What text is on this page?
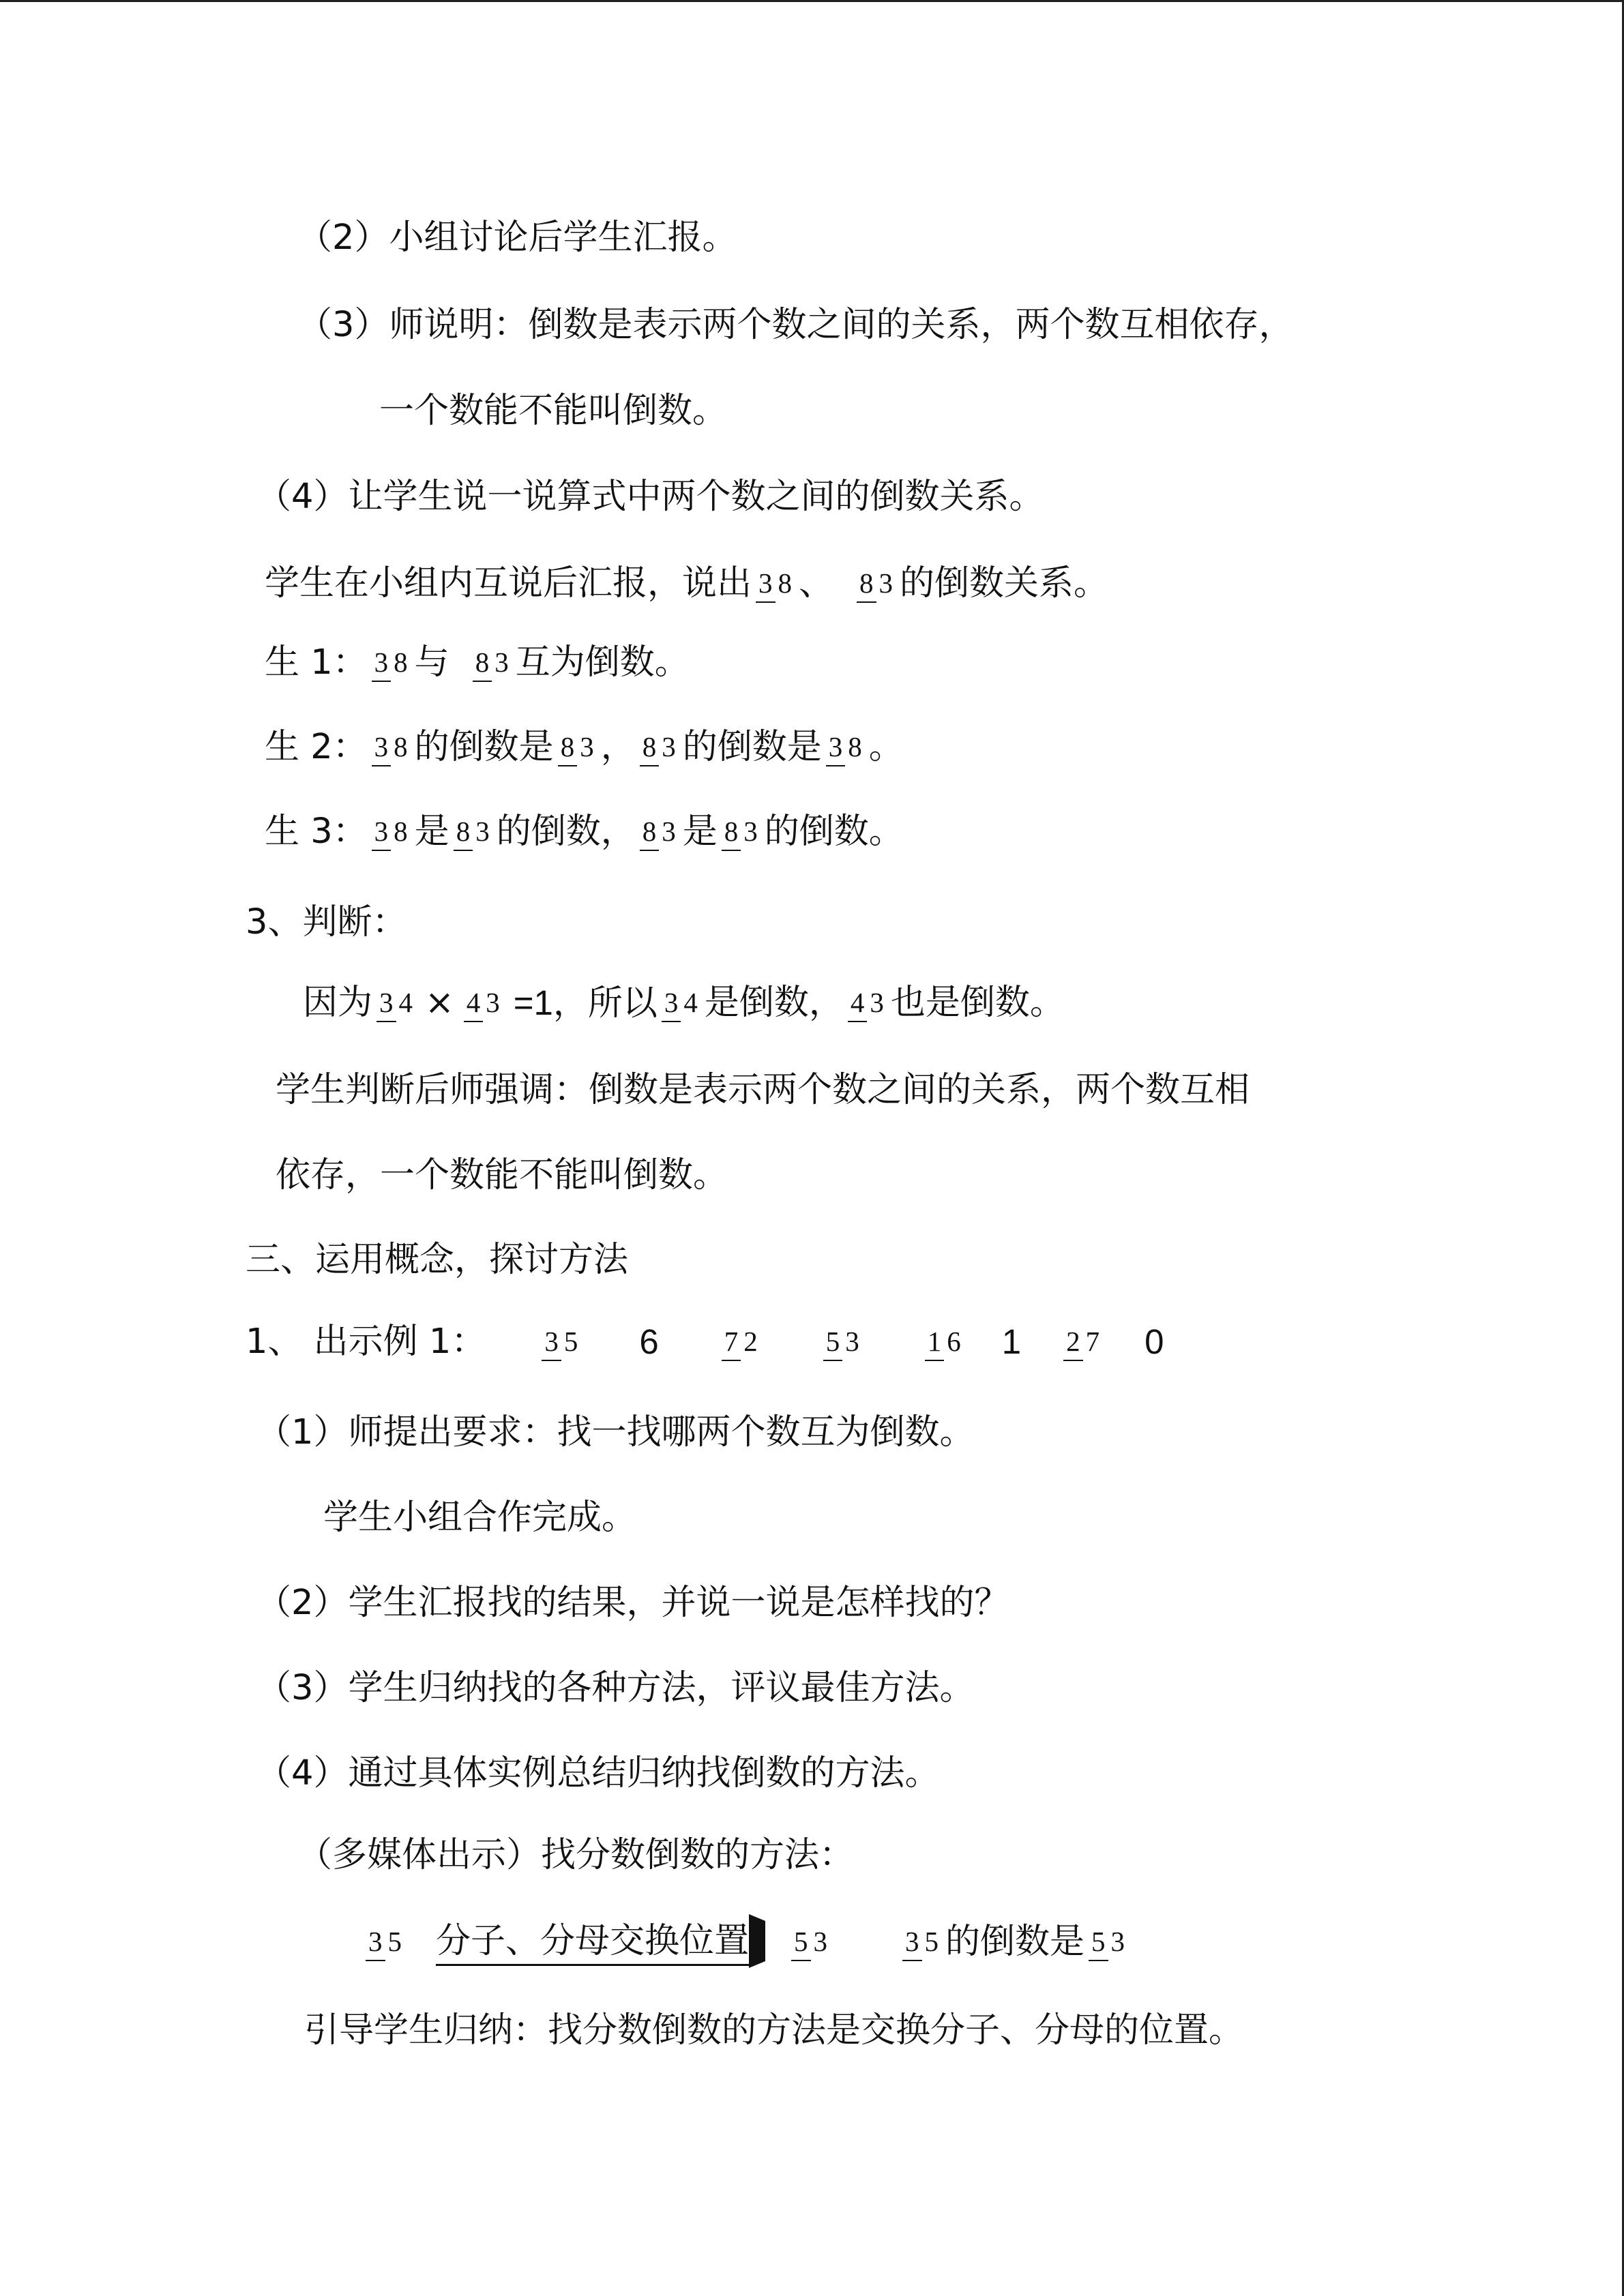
（2）小组讨论后学生汇报。
（3）师说明：倒数是表示两个数之间的关系，两个数互相依存，
一个数能不能叫倒数。
（4）让学生说一说算式中两个数之间的倒数关系。
学生在小组内互说后汇报，说出 3 8 、 8 3 的倒数关系。
生 1： 3 8 与 8 3 互为倒数。
生 2： 3 8 的倒数是 8 3 ， 8 3 的倒数是 3 8 。
生 3： 3 8 是 8 3 的倒数， 8 3 是 8 3 的倒数。
3、判断：
因为 3 4 × 4 3 =1，所以 3 4 是倒数， 4 3 也是倒数。
学生判断后师强调：倒数是表示两个数之间的关系，两个数互相
依存，一个数能不能叫倒数。
三、运用概念，探讨方法
1、 出示例 1： 3 5 6 7 2 5 3 1 6 1 2 7 0
（1）师提出要求：找一找哪两个数互为倒数。
学生小组合作完成。
（2）学生汇报找的结果，并说一说是怎样找的？
（3）学生归纳找的各种方法，评议最佳方法。
（4）通过具体实例总结归纳找倒数的方法。
（多媒体出示）找分数倒数的方法：
3 5 分子、分母交换位置 5 3	3 5 的倒数是 5 3
引导学生归纳：找分数倒数的方法是交换分子、分母的位置。
